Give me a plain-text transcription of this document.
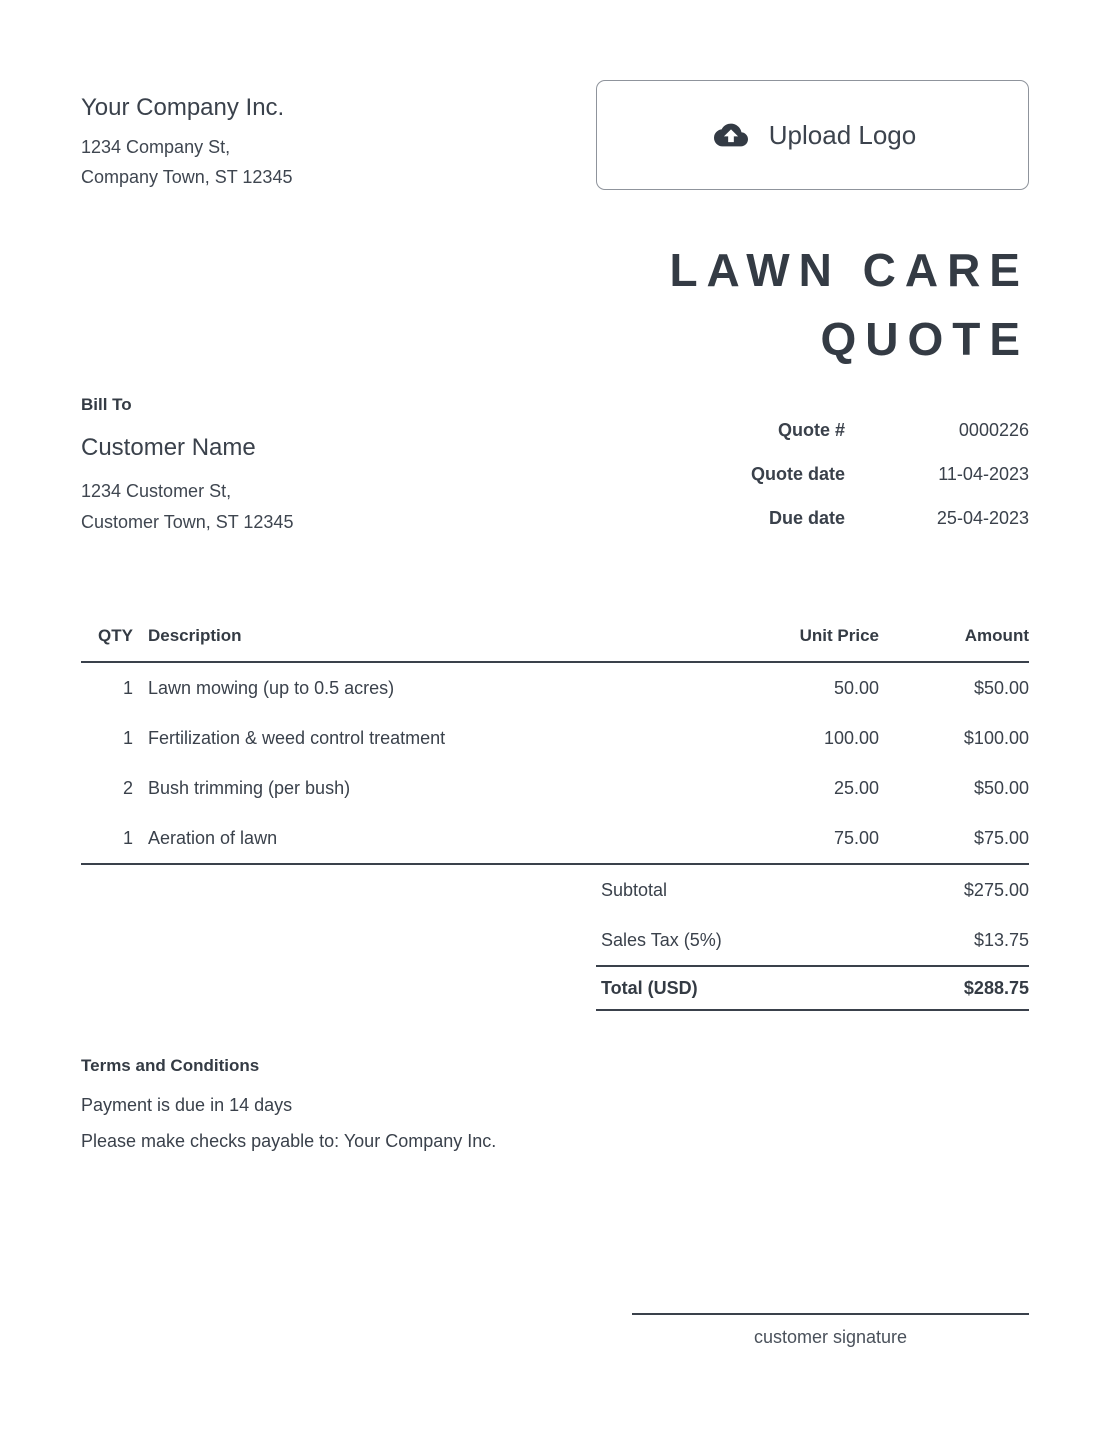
Your Company Inc.
1234 Company St,
Company Town, ST 12345
Upload Logo
LAWN CARE
QUOTE
Bill To
Customer Name
1234 Customer St,
Customer Town, ST 12345
Quote #	0000226
Quote date	11-04-2023
Due date	25-04-2023
QTY Description	Unit Price	Amount
1 Lawn mowing (up to 0.5 acres)	50.00	$50.00
1 Fertilization & weed control treatment	100.00	$100.00
2 Bush trimming (per bush)	25.00	$50.00
1 Aeration of lawn	75.00	$75.00
Subtotal	$275.00
Sales Tax (5%)	$13.75
Total (USD)	$288.75
Terms and Conditions
Payment is due in 14 days
Please make checks payable to: Your Company Inc.
customer signature
